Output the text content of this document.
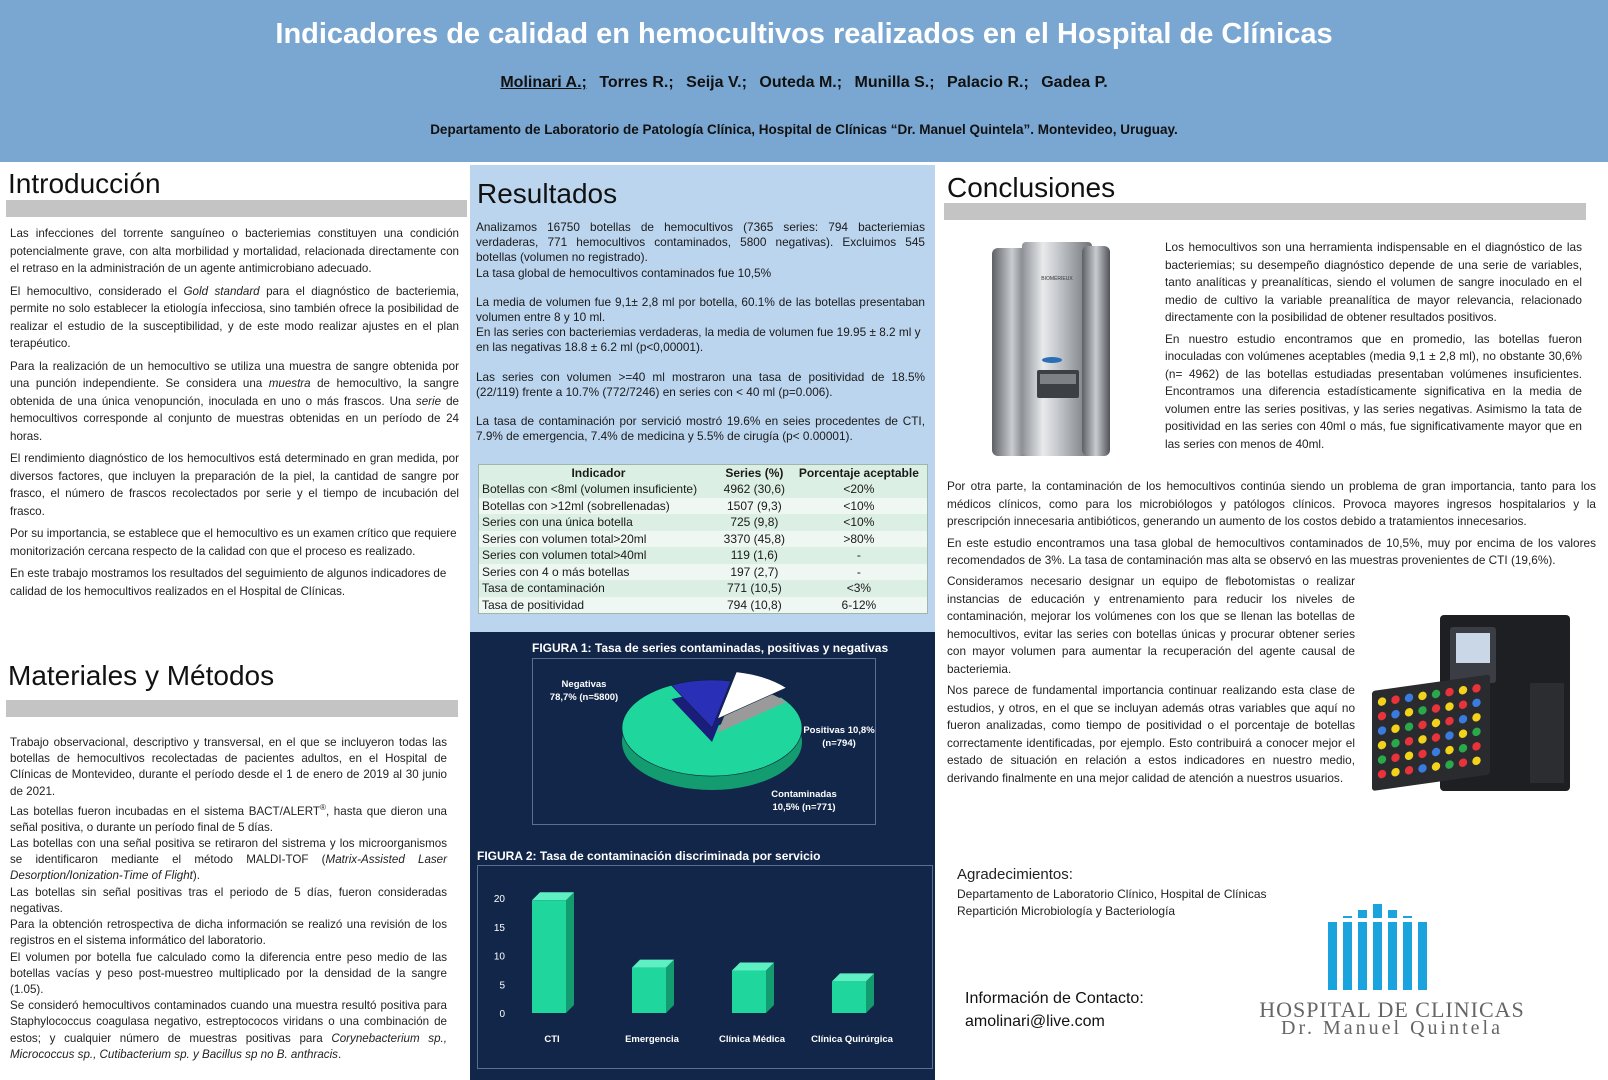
Indicadores de calidad en hemocultivos realizados en el Hospital de Clínicas
Molinari A.; Torres R.; Seija V.; Outeda M.; Munilla S.; Palacio R.; Gadea P.
Departamento de Laboratorio de Patología Clínica, Hospital de Clínicas “Dr. Manuel Quintela”. Montevideo, Uruguay.
Introducción

Las infecciones del torrente sanguíneo o bacteriemias constituyen una condición potencialmente grave, con alta morbilidad y mortalidad, relacionada directamente con el retraso en la administración de un agente antimicrobiano adecuado.

El hemocultivo, considerado el Gold standard para el diagnóstico de bacteriemia, permite no solo establecer la etiología infecciosa, sino también ofrece la posibilidad de realizar el estudio de la susceptibilidad, y de este modo realizar ajustes en el plan terapéutico.

Para la realización de un hemocultivo se utiliza una muestra de sangre obtenida por una punción independiente. Se considera una muestra de hemocultivo, la sangre obtenida de una única venopunción, inoculada en uno o más frascos. Una serie de hemocultivos corresponde al conjunto de muestras obtenidas en un período de 24 horas.

El rendimiento diagnóstico de los hemocultivos está determinado en gran medida, por diversos factores, que incluyen la preparación de la piel, la cantidad de sangre por frasco, el número de frascos recolectados por serie y el tiempo de incubación del frasco.

Por su importancia, se establece que el hemocultivo es un examen crítico que requiere monitorización cercana respecto de la calidad con que el proceso es realizado.

En este trabajo mostramos los resultados del seguimiento de algunos indicadores de calidad de los hemocultivos realizados en el Hospital de Clínicas.

Materiales y Métodos

Trabajo observacional, descriptivo y transversal, en el que se incluyeron todas las botellas de hemocultivos recolectadas de pacientes adultos, en el Hospital de Clínicas de Montevideo, durante el período desde el 1 de enero de 2019 al 30 junio de 2021.

Las botellas fueron incubadas en el sistema BACT/ALERT®, hasta que dieron una señal positiva, o durante un período final de 5 días.

Las botellas con una señal positiva se retiraron del sistrema y los microorganismos se identificaron mediante el método MALDI-TOF (Matrix-Assisted Laser Desorption/Ionization-Time of Flight).

Las botellas sin señal positivas tras el periodo de 5 días, fueron consideradas negativas.

Para la obtención retrospectiva de dicha información se realizó una revisión de los registros en el sistema informático del laboratorio.

El volumen por botella fue calculado como la diferencia entre peso medio de las botellas vacías y peso post-muestreo multiplicado por la densidad de la sangre (1.05).

Se consideró hemocultivos contaminados cuando una muestra resultó positiva para Staphylococcus coagulasa negativo, estreptococos viridans o una combinación de estos; y cualquier número de muestras positivas para Corynebacterium sp., Micrococcus sp., Cutibacterium sp. y Bacillus sp no B. anthracis.

Resultados

Analizamos 16750 botellas de hemocultivos (7365 series: 794 bacteriemias verdaderas, 771 hemocultivos contaminados, 5800 negativas). Excluimos 545 botellas (volumen no registrado).

La tasa global de hemocultivos contaminados fue 10,5%

La media de volumen fue 9,1± 2,8 ml por botella, 60.1% de las botellas presentaban volumen entre 8 y 10 ml.

En las series con bacteriemias verdaderas, la media de volumen fue 19.95 ± 8.2 ml y en las negativas 18.8 ± 6.2 ml (p<0,00001).

Las series con volumen >=40 ml mostraron una tasa de positividad de 18.5% (22/119) frente a 10.7% (772/7246) en series con < 40 ml (p=0.006).

La tasa de contaminación por servició mostró 19.6% en seies procedentes de CTI, 7.9% de emergencia, 7.4% de medicina y 5.5% de cirugía (p< 0.00001).

Indicador	Series (%)	Porcentaje aceptable
Botellas con <8ml (volumen insuficiente)	4962 (30,6)	<20%
Botellas con >12ml (sobrellenadas)	1507 (9,3)	<10%
Series con una única botella	725 (9,8)	<10%
Series con volumen total>20ml	3370 (45,8)	>80%
Series con volumen total>40ml	119 (1,6)	-
Series con 4 o más botellas	197 (2,7)	-
Tasa de contaminación	771 (10,5)	<3%
Tasa de positividad	794 (10,8)	6-12%
FIGURA 1: Tasa de series contaminadas, positivas y negativas
Negativas
78,7% (n=5800)
Positivas 10,8%
(n=794)
Contaminadas
10,5% (n=771)
FIGURA 2: Tasa de contaminación discriminada por servicio
0
5
10
15
20
CTI	Emergencia	Clínica Médica	Clínica Quirúrgica
Conclusiones
BIOMÉRIEUX

Los hemocultivos son una herramienta indispensable en el diagnóstico de las bacteriemias; su desempeño diagnóstico depende de una serie de variables, tanto analíticas y preanalíticas, siendo el volumen de sangre inoculado en el medio de cultivo la variable preanalítica de mayor relevancia, relacionado directamente con la posibilidad de obtener resultados positivos.

En nuestro estudio encontramos que en promedio, las botellas fueron inoculadas con volúmenes aceptables (media 9,1 ± 2,8 ml), no obstante 30,6% (n= 4962) de las botellas estudiadas presentaban volúmenes insuficientes. Encontramos una diferencia estadísticamente significativa en la media de volumen entre las series positivas, y las series negativas. Asimismo la tata de positividad en las series con 40ml o más, fue significativamente mayor que en las series con menos de 40ml.

Por otra parte, la contaminación de los hemocultivos continúa siendo un problema de gran importancia, tanto para los médicos clínicos, como para los microbiólogos y patólogos clínicos. Provoca mayores ingresos hospitalarios y la prescripción innecesaria antibióticos, generando un aumento de los costos debido a tratamientos innecesarios.

En este estudio encontramos una tasa global de hemocultivos contaminados de 10,5%, muy por encima de los valores recomendados de 3%. La tasa de contaminación mas alta se observó en las muestras provenientes de CTI (19,6%).

Consideramos necesario designar un equipo de flebotomistas o realizar instancias de educación y entrenamiento para reducir los niveles de contaminación, mejorar los volúmenes con los que se llenan las botellas de hemocultivos, evitar las series con botellas únicas y procurar obtener series con mayor volumen para aumentar la recuperación del agente causal de bacteriemia.

Nos parece de fundamental importancia continuar realizando esta clase de estudios, y otros, en el que se incluyan además otras variables que aquí no fueron analizadas, como tiempo de positividad o el porcentaje de botellas correctamente identificadas, por ejemplo. Esto contribuirá a conocer mejor el estado de situación en relación a estos indicadores en nuestro medio, derivando finalmente en una mejor calidad de atención a nuestros usuarios.

Agradecimientos:
Departamento de Laboratorio Clínico, Hospital de Clínicas
Repartición Microbiología y Bacteriología
Información de Contacto:
amolinari@live.com	HOSPITAL DE CLINICAS
Dr. Manuel Quintela
